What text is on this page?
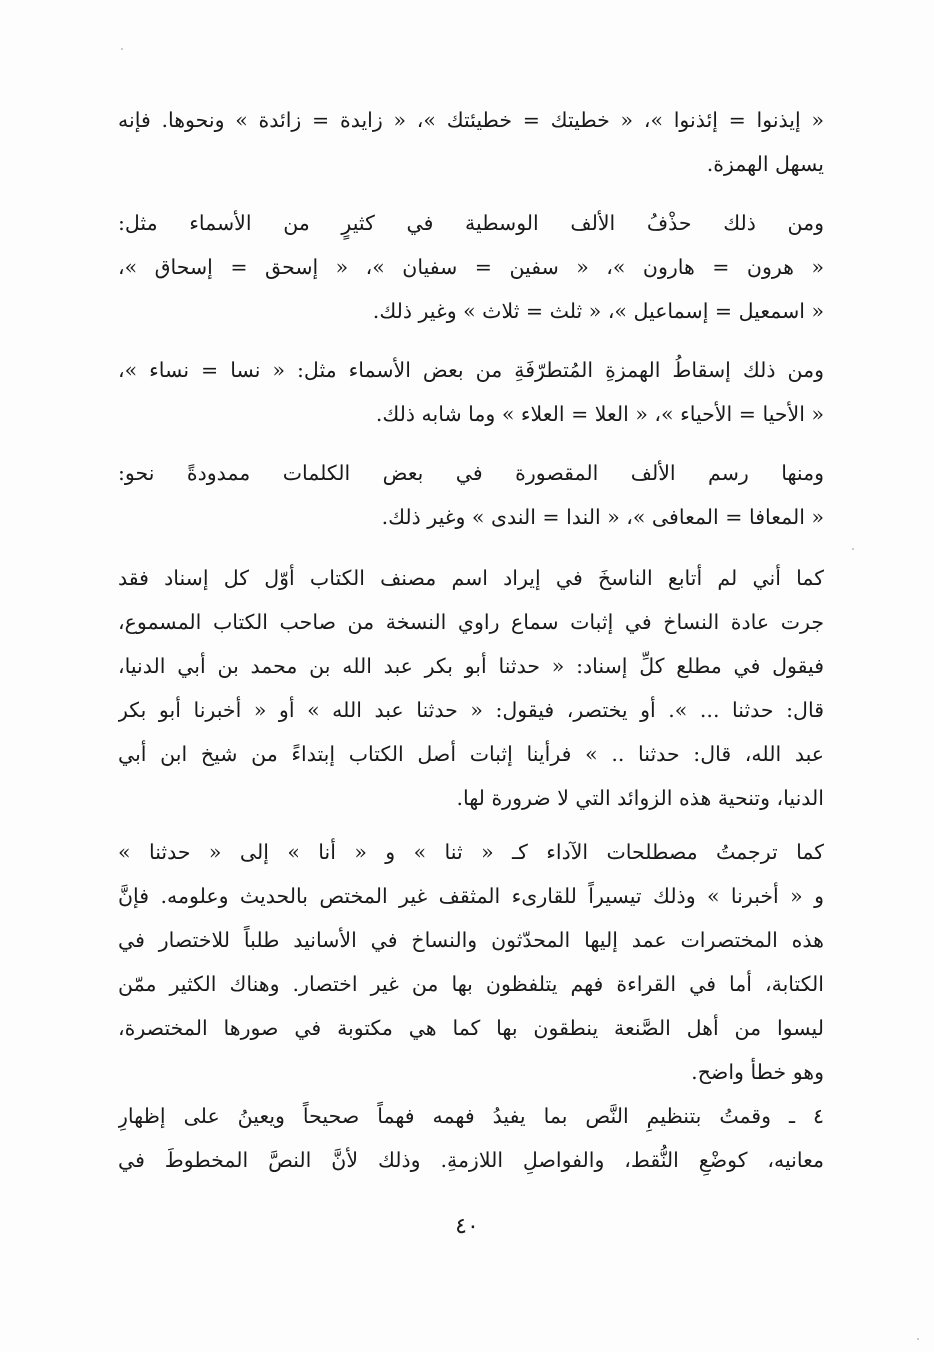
« إيذنوا = إئذنوا »، « خطيتك = خطيئتك »، « زايدة = زائدة » ونحوها. فإنه
يسهل الهمزة.
ومن ذلك حذْفُ الألف الوسطية في كثيرٍ من الأسماء مثل:
« هرون = هارون »، « سفين = سفيان »، « إسحق = إسحاق »،
« اسمعيل = إسماعيل »، « ثلث = ثلاث » وغير ذلك.
ومن ذلك إسقاطُ الهمزةِ المُتطرّفَةِ من بعض الأسماء مثل: « نسا = نساء »،
« الأحيا = الأحياء »، « العلا = العلاء » وما شابه ذلك.
ومنها رسم الألف المقصورة في بعض الكلمات ممدودةً نحو:
« المعافا = المعافى »، « الندا = الندى » وغير ذلك.
كما أني لم أتابع الناسخَ في إيراد اسم مصنف الكتاب أوّل كل إسناد فقد
جرت عادة النساخ في إثبات سماع راوي النسخة من صاحب الكتاب المسموع،
فيقول في مطلع كلِّ إسناد: « حدثنا أبو بكر عبد الله بن محمد بن أبي الدنيا،
قال: حدثنا ... ». أو يختصر، فيقول: « حدثنا عبد الله » أو « أخبرنا أبو بكر
عبد الله، قال: حدثنا .. » فرأينا إثبات أصل الكتاب إبتداءً من شيخ ابن أبي
الدنيا، وتنحية هذه الزوائد التي لا ضرورة لها.
كما ترجمتُ مصطلحات الآداء كـ « ثنا » و « أنا » إلى « حدثنا »
و « أخبرنا » وذلك تيسيراً للقارىء المثقف غير المختص بالحديث وعلومه. فإنَّ
هذه المختصرات عمد إليها المحدّثون والنساخ في الأسانيد طلباً للاختصار في
الكتابة، أما في القراءة فهم يتلفظون بها من غير اختصار. وهناك الكثير ممّن
ليسوا من أهل الصَّنعة ينطقون بها كما هي مكتوبة في صورها المختصرة،
وهو خطأ واضح.
٤ ـ وقمتُ بتنظيمِ النَّص بما يفيدُ فهمه فهماً صحيحاً ويعينُ على إظهارِ
معانيه، كوضْعِ النُّقط، والفواصلِ اللازمةِ. وذلك لأنَّ النصَّ المخطوطَ في
٤٠
